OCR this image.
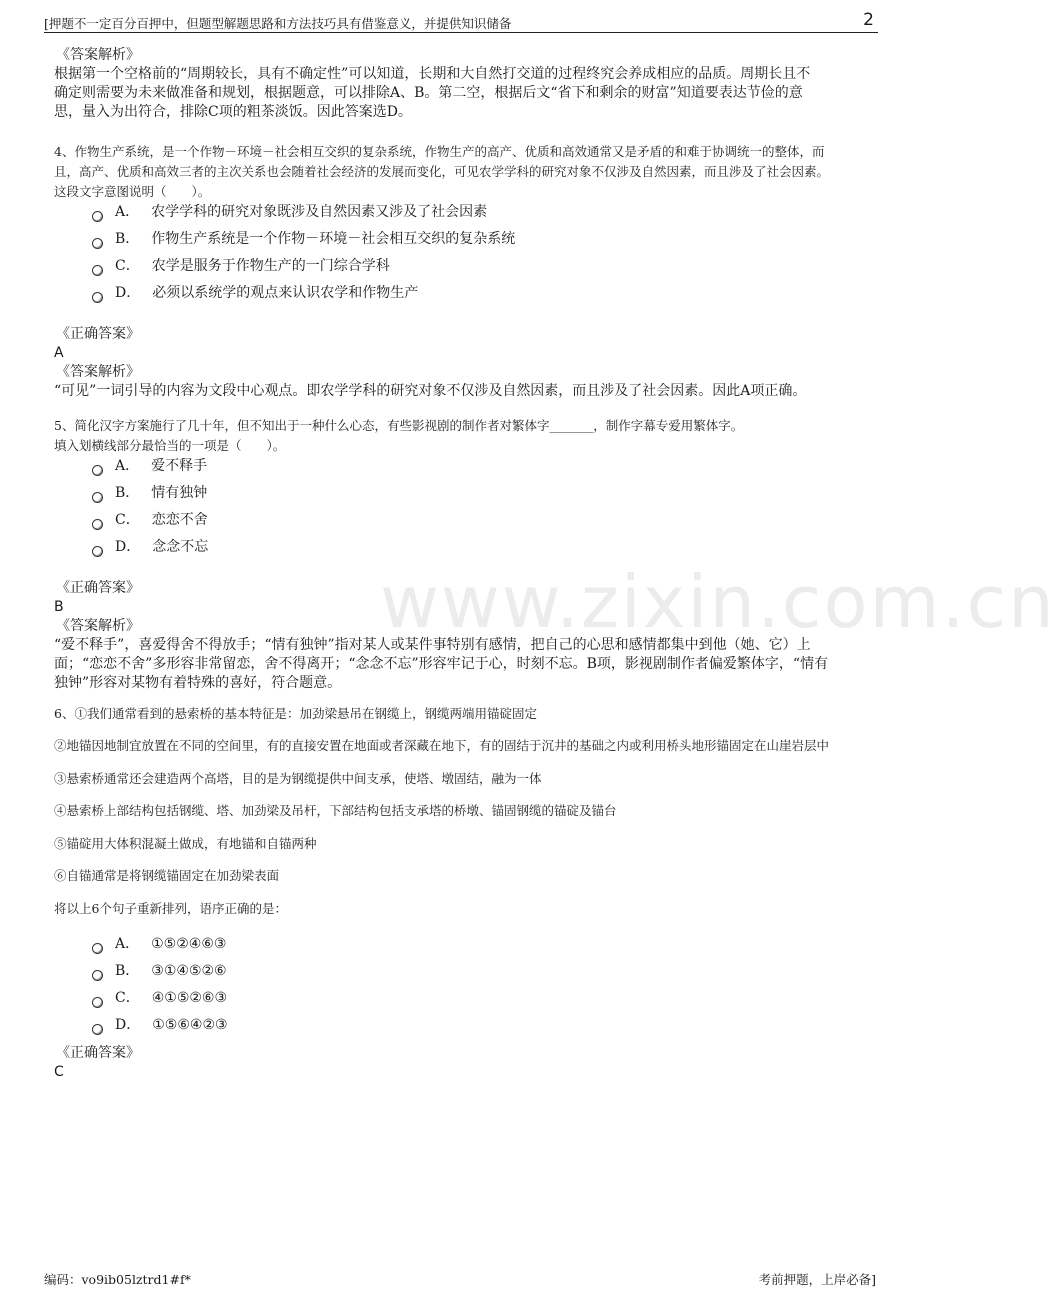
[押题不一定百分百押中，但题型解题思路和方法技巧具有借鉴意义，并提供知识储备	2
www.zixin.com.cn
《答案解析》
根据第一个空格前的“周期较长，具有不确定性”可以知道，长期和大自然打交道的过程终究会养成相应的品质。周期长且不
确定则需要为未来做准备和规划，根据题意，可以排除A、B。第二空，根据后文“省下和剩余的财富”知道要表达节俭的意
思，量入为出符合，排除C项的粗茶淡饭。因此答案选D。
4、作物生产系统，是一个作物－环境－社会相互交织的复杂系统，作物生产的高产、优质和高效通常又是矛盾的和难于协调统一的整体，而
且，高产、优质和高效三者的主次关系也会随着社会经济的发展而变化，可见农学学科的研究对象不仅涉及自然因素，而且涉及了社会因素。
这段文字意图说明（　　）。
A． 农学学科的研究对象既涉及自然因素又涉及了社会因素
B． 作物生产系统是一个作物－环境－社会相互交织的复杂系统
C． 农学是服务于作物生产的一门综合学科
D． 必须以系统学的观点来认识农学和作物生产
《正确答案》
A
《答案解析》
“可见”一词引导的内容为文段中心观点。即农学学科的研究对象不仅涉及自然因素，而且涉及了社会因素。因此A项正确。
5、简化汉字方案施行了几十年，但不知出于一种什么心态，有些影视剧的制作者对繁体字_______，制作字幕专爱用繁体字。
填入划横线部分最恰当的一项是（　　）。
A． 爱不释手
B． 情有独钟
C． 恋恋不舍
D． 念念不忘
《正确答案》
B
《答案解析》
“爱不释手”，喜爱得舍不得放手；“情有独钟”指对某人或某件事特别有感情，把自己的心思和感情都集中到他（她、它）上
面；“恋恋不舍”多形容非常留恋，舍不得离开；“念念不忘”形容牢记于心，时刻不忘。B项，影视剧制作者偏爱繁体字，“情有
独钟”形容对某物有着特殊的喜好，符合题意。
6、①我们通常看到的悬索桥的基本特征是：加劲梁悬吊在钢缆上，钢缆两端用锚碇固定
②地锚因地制宜放置在不同的空间里，有的直接安置在地面或者深藏在地下，有的固结于沉井的基础之内或利用桥头地形锚固定在山崖岩层中
③悬索桥通常还会建造两个高塔，目的是为钢缆提供中间支承，使塔、墩固结，融为一体
④悬索桥上部结构包括钢缆、塔、加劲梁及吊杆，下部结构包括支承塔的桥墩、锚固钢缆的锚碇及锚台
⑤锚碇用大体积混凝土做成，有地锚和自锚两种
⑥自锚通常是将钢缆锚固定在加劲梁表面
将以上6个句子重新排列，语序正确的是：
A． ①⑤②④⑥③
B． ③①④⑤②⑥
C． ④①⑤②⑥③
D． ①⑤⑥④②③
《正确答案》
C
编码：vo9ib05lztrd1#f*	考前押题，上岸必备]
